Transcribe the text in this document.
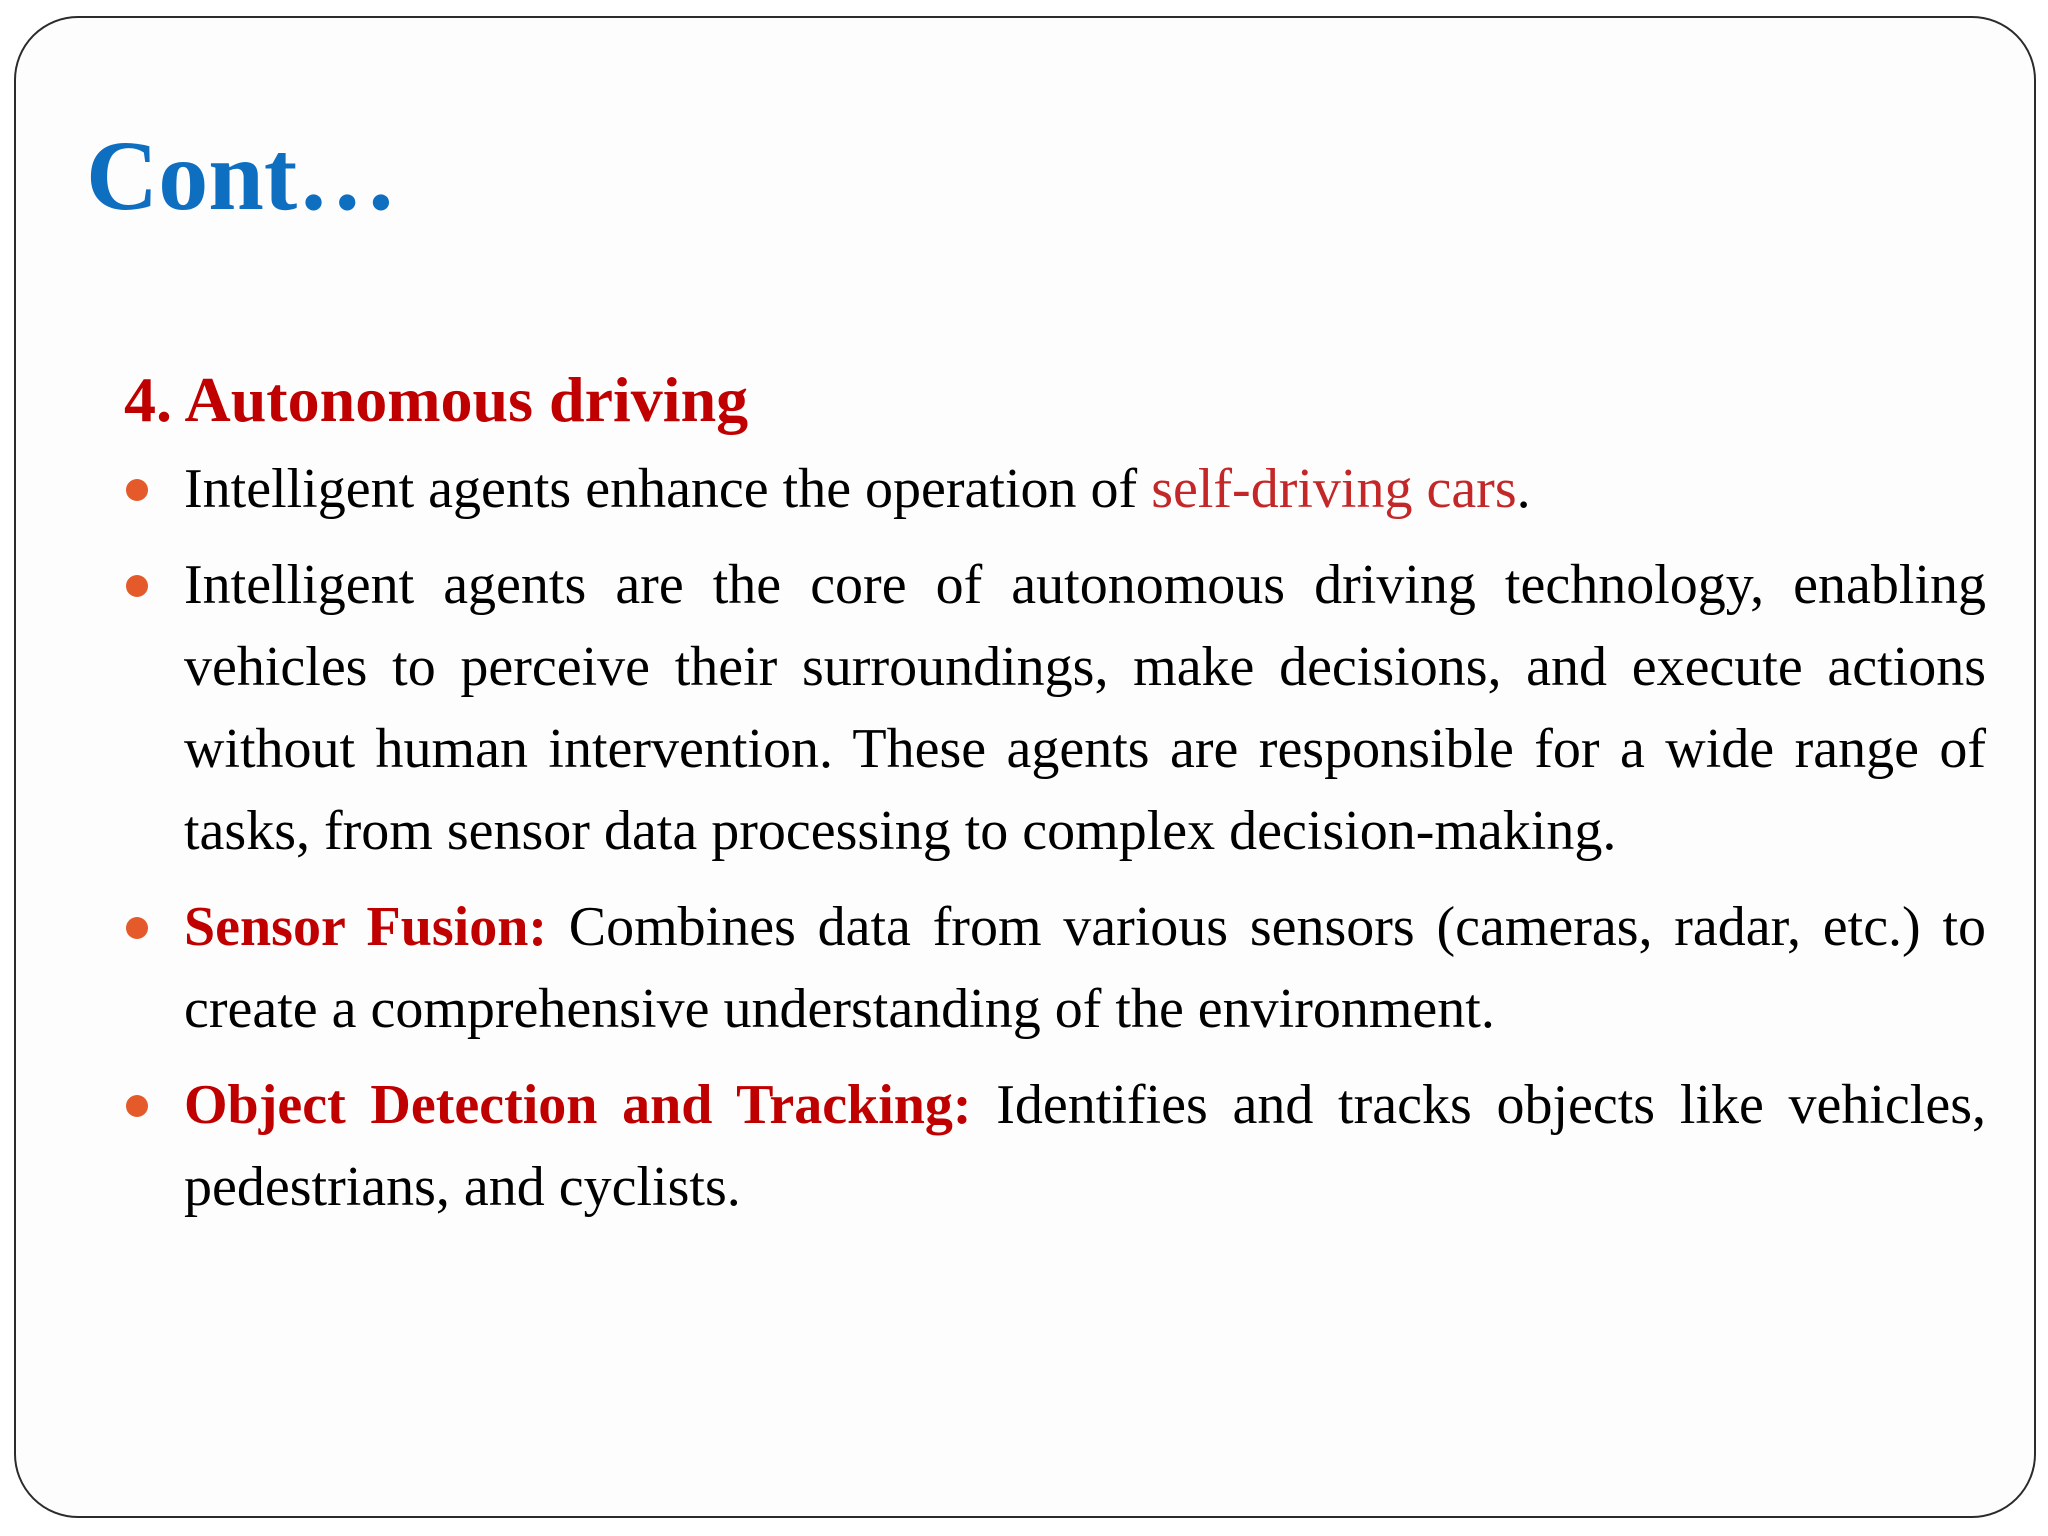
Cont…
4. Autonomous driving
Intelligent agents enhance the operation of self-driving cars.
Intelligent agents are the core of autonomous driving technology, enabling vehicles to perceive their surroundings, make decisions, and execute actions without human intervention. These agents are responsible for a wide range of tasks, from sensor data processing to complex decision-making.
Sensor Fusion: Combines data from various sensors (cameras, radar, etc.) to create a comprehensive understanding of the environment.
Object Detection and Tracking: Identifies and tracks objects like vehicles, pedestrians, and cyclists.
